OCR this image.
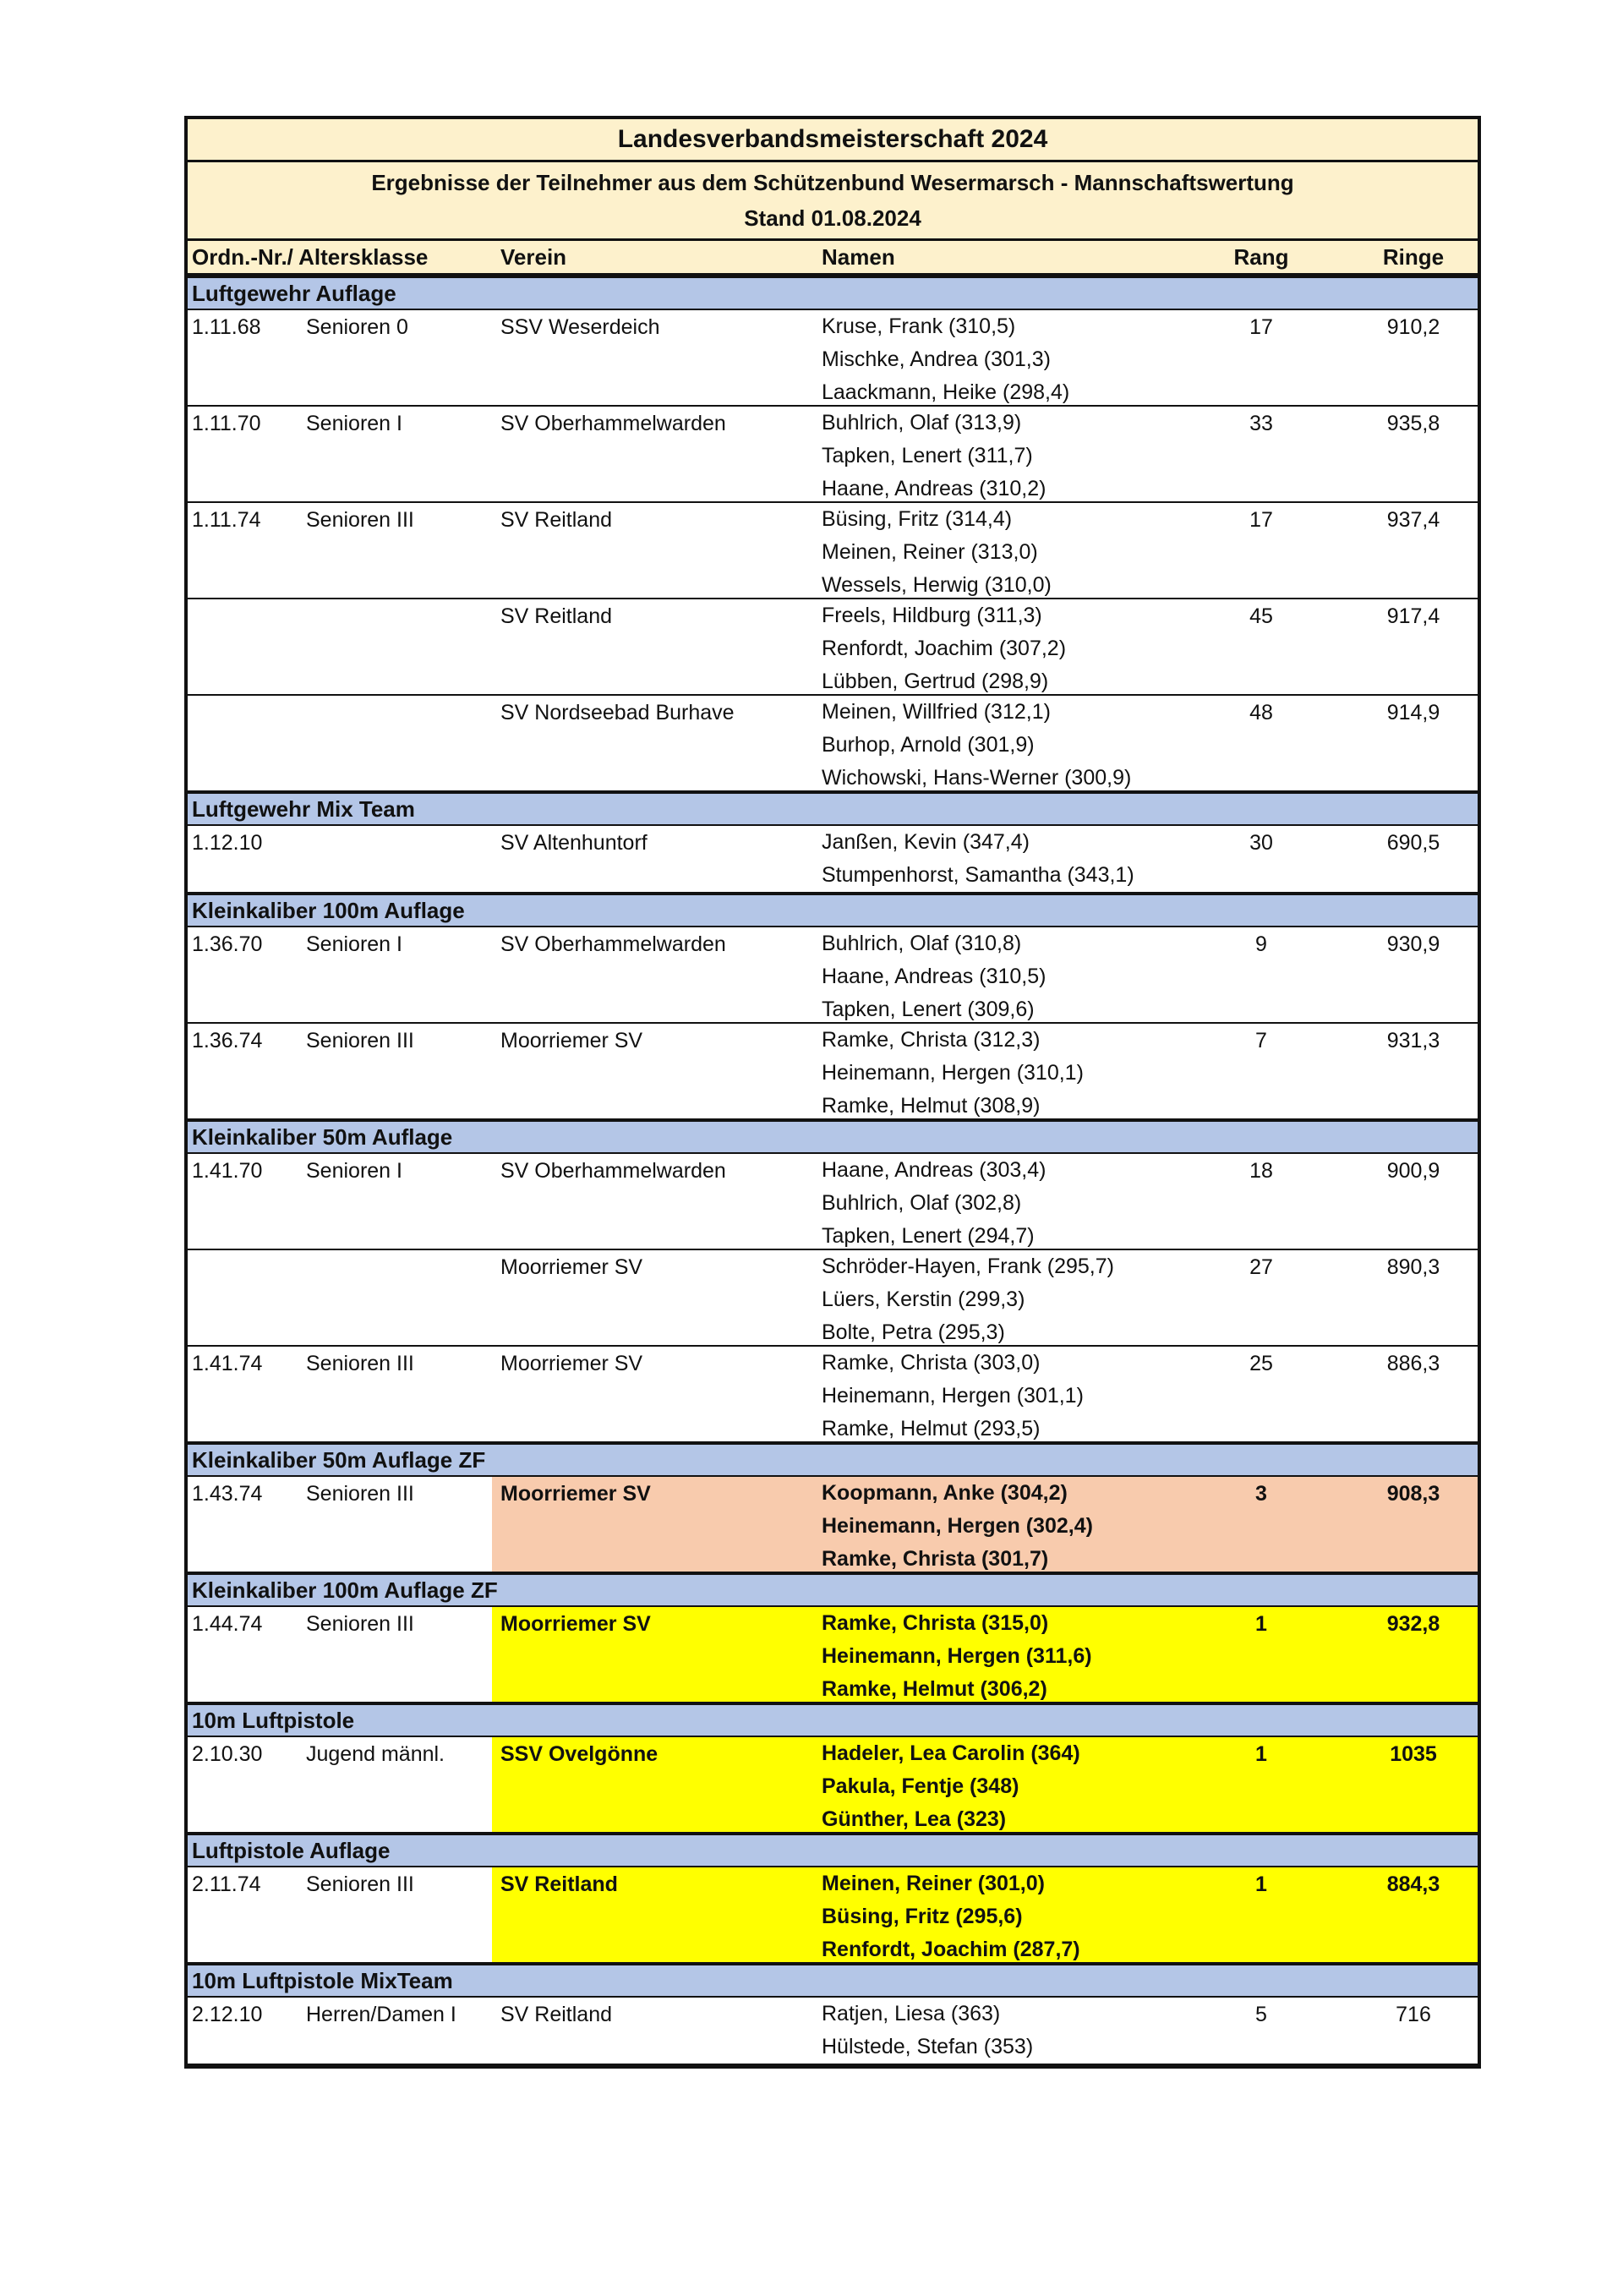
Landesverbandsmeisterschaft 2024
Ergebnisse der Teilnehmer aus dem Schützenbund Wesermarsch - Mannschaftswertung
Stand 01.08.2024
Ordn.-Nr./ Altersklasse	Verein	Namen	Rang	Ringe
Luftgewehr Auflage
1.11.68 Senioren 0	SSV Weserdeich	Kruse, Frank (310,5)
Mischke, Andrea (301,3)
Laackmann, Heike (298,4)
17	910,2
1.11.70 Senioren I	SV Oberhammelwarden	Buhlrich, Olaf (313,9)
Tapken, Lenert (311,7)
Haane, Andreas (310,2)
33	935,8
1.11.74 Senioren III	SV Reitland	Büsing, Fritz (314,4)
Meinen, Reiner (313,0)
Wessels, Herwig (310,0)
17	937,4
SV Reitland	Freels, Hildburg (311,3)
Renfordt, Joachim (307,2)
Lübben, Gertrud (298,9)
45	917,4
SV Nordseebad Burhave	Meinen, Willfried (312,1)
Burhop, Arnold (301,9)
Wichowski, Hans-Werner (300,9)
48	914,9
Luftgewehr Mix Team
1.12.10	SV Altenhuntorf	Janßen, Kevin (347,4)
Stumpenhorst, Samantha (343,1)
30	690,5
Kleinkaliber 100m Auflage
1.36.70 Senioren I	SV Oberhammelwarden	Buhlrich, Olaf (310,8)
Haane, Andreas (310,5)
Tapken, Lenert (309,6)
9	930,9
1.36.74 Senioren III	Moorriemer SV	Ramke, Christa (312,3)
Heinemann, Hergen (310,1)
Ramke, Helmut (308,9)
7	931,3
Kleinkaliber 50m Auflage
1.41.70 Senioren I	SV Oberhammelwarden	Haane, Andreas (303,4)
Buhlrich, Olaf (302,8)
Tapken, Lenert (294,7)
18	900,9
Moorriemer SV	Schröder-Hayen, Frank (295,7)
Lüers, Kerstin (299,3)
Bolte, Petra (295,3)
27	890,3
1.41.74 Senioren III	Moorriemer SV	Ramke, Christa (303,0)
Heinemann, Hergen (301,1)
Ramke, Helmut (293,5)
25	886,3
Kleinkaliber 50m Auflage ZF
1.43.74 Senioren III	Moorriemer SV	Koopmann, Anke (304,2)
Heinemann, Hergen (302,4)
Ramke, Christa (301,7)
3	908,3
Kleinkaliber 100m Auflage ZF
1.44.74 Senioren III	Moorriemer SV	Ramke, Christa (315,0)
Heinemann, Hergen (311,6)
Ramke, Helmut (306,2)
1	932,8
10m Luftpistole
2.10.30 Jugend männl.	SSV Ovelgönne	Hadeler, Lea Carolin (364)
Pakula, Fentje (348)
Günther, Lea (323)
1	1035
Luftpistole Auflage
2.11.74 Senioren III	SV Reitland	Meinen, Reiner (301,0)
Büsing, Fritz (295,6)
Renfordt, Joachim (287,7)
1	884,3
10m Luftpistole MixTeam
2.12.10 Herren/Damen I SV Reitland	Ratjen, Liesa (363)
Hülstede, Stefan (353)
5	716
